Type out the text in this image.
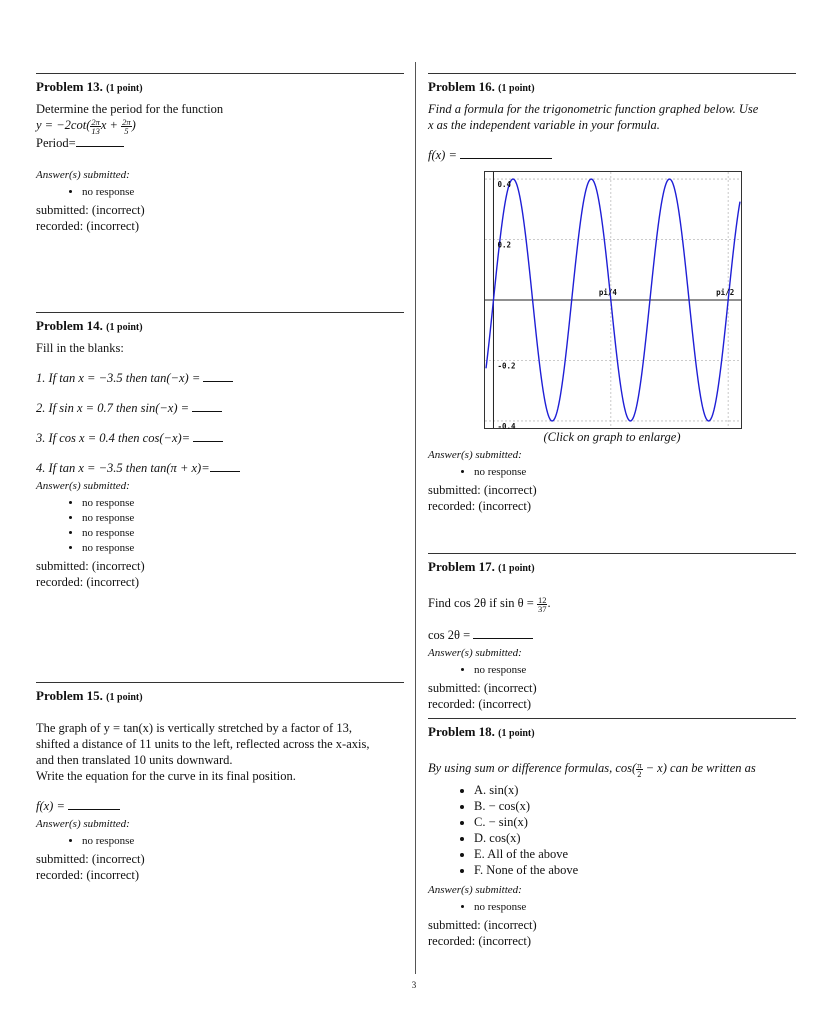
Problem 13. (1 point)
Determine the period for the function
$y = -2\cot( \frac{2\pi}{13}$ $x + \frac{2\pi}{5}$ )
Period=
Answer(s) submitted:
• no response
submitted: (incorrect)
recorded: (incorrect)
Problem 14. (1 point)
Fill in the blanks:
1. If tan x = −3.5 then tan(−x) =
2. If sin x = 0.7 then sin(−x) =
3. If cos x = 0.4 then cos(−x)=
4. If tan x = −3.5 then tan(π + x)=
Answer(s) submitted:
• no response
• no response
• no response
• no response
submitted: (incorrect)
recorded: (incorrect)
Problem 15. (1 point)
The graph of y = tan(x) is vertically stretched by a factor of 13,
shifted a distance of 11 units to the left, reflected across the x-axis,
and then translated 10 units downward.
Write the equation for the curve in its final position.
f(x) =
Answer(s) submitted:
• no response
submitted: (incorrect)
recorded: (incorrect)
Problem 16. (1 point)
Find a formula for the trigonometric function graphed below. Use
x as the independent variable in your formula.
f(x) =
pi/4	pi/2
0.4
0.2
-0.2
-0.4
(Click on graph to enlarge)
Answer(s) submitted:
• no response
submitted: (incorrect)
recorded: (incorrect)
Problem 17. (1 point)
Find cos 2θ if $\sin \theta = \frac{12}{37}$ .
cos 2θ =
Answer(s) submitted:
• no response
submitted: (incorrect)
recorded: (incorrect)
Problem 18. (1 point)
By using sum or difference formulas, $\cos( \frac{\pi}{2} - x)$ can be written as
• A. sin(x)
• B. − cos(x)
• C. − sin(x)
• D. cos(x)
• E. All of the above
• F. None of the above
Answer(s) submitted:
• no response
submitted: (incorrect)
recorded: (incorrect)
3
